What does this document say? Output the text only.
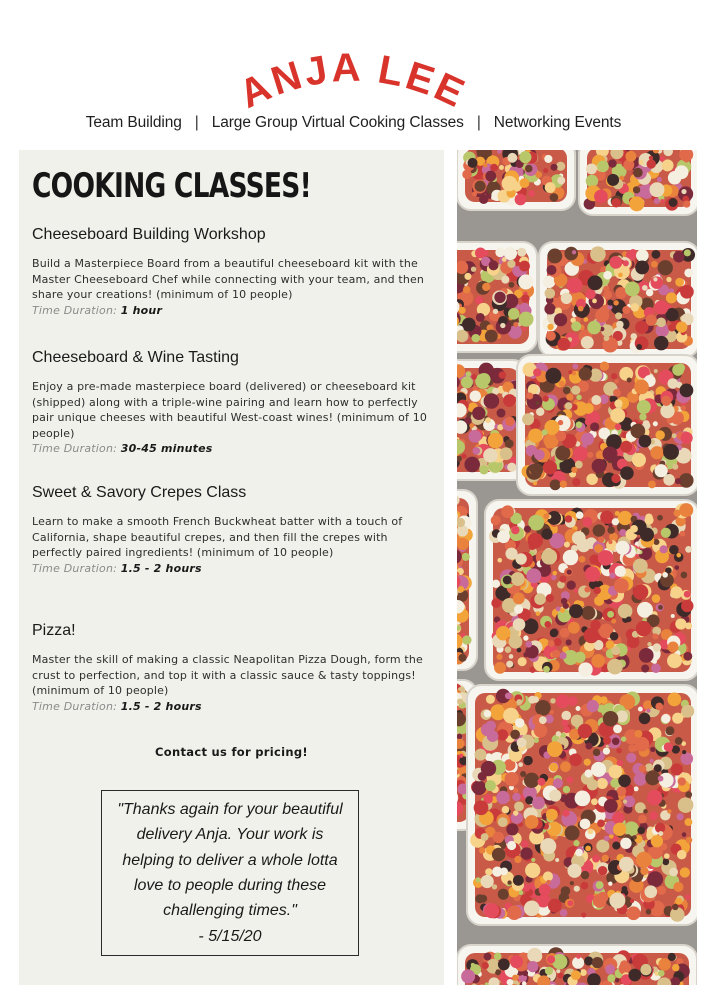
ANJA LEE
Team Building | Large Group Virtual Cooking Classes | Networking Events
COOKING CLASSES!
Cheeseboard Building Workshop

Build a Masterpiece Board from a beautiful cheeseboard kit with the Master Cheeseboard Chef while connecting with your team, and then share your creations! (minimum of 10 people)

Time Duration: 1 hour
Cheeseboard & Wine Tasting

Enjoy a pre-made masterpiece board (delivered) or cheeseboard kit (shipped) along with a triple-wine pairing and learn how to perfectly pair unique cheeses with beautiful West-coast wines! (minimum of 10 people)

Time Duration: 30-45 minutes
Sweet & Savory Crepes Class

Learn to make a smooth French Buckwheat batter with a touch of California, shape beautiful crepes, and then fill the crepes with perfectly paired ingredients! (minimum of 10 people)

Time Duration: 1.5 - 2 hours
Pizza!

Master the skill of making a classic Neapolitan Pizza Dough, form the crust to perfection, and top it with a classic sauce & tasty toppings! (minimum of 10 people)

Time Duration: 1.5 - 2 hours
Contact us for pricing!

"Thanks again for your beautiful delivery Anja. Your work is helping to deliver a whole lotta love to people during these challenging times."
- 5/15/20
